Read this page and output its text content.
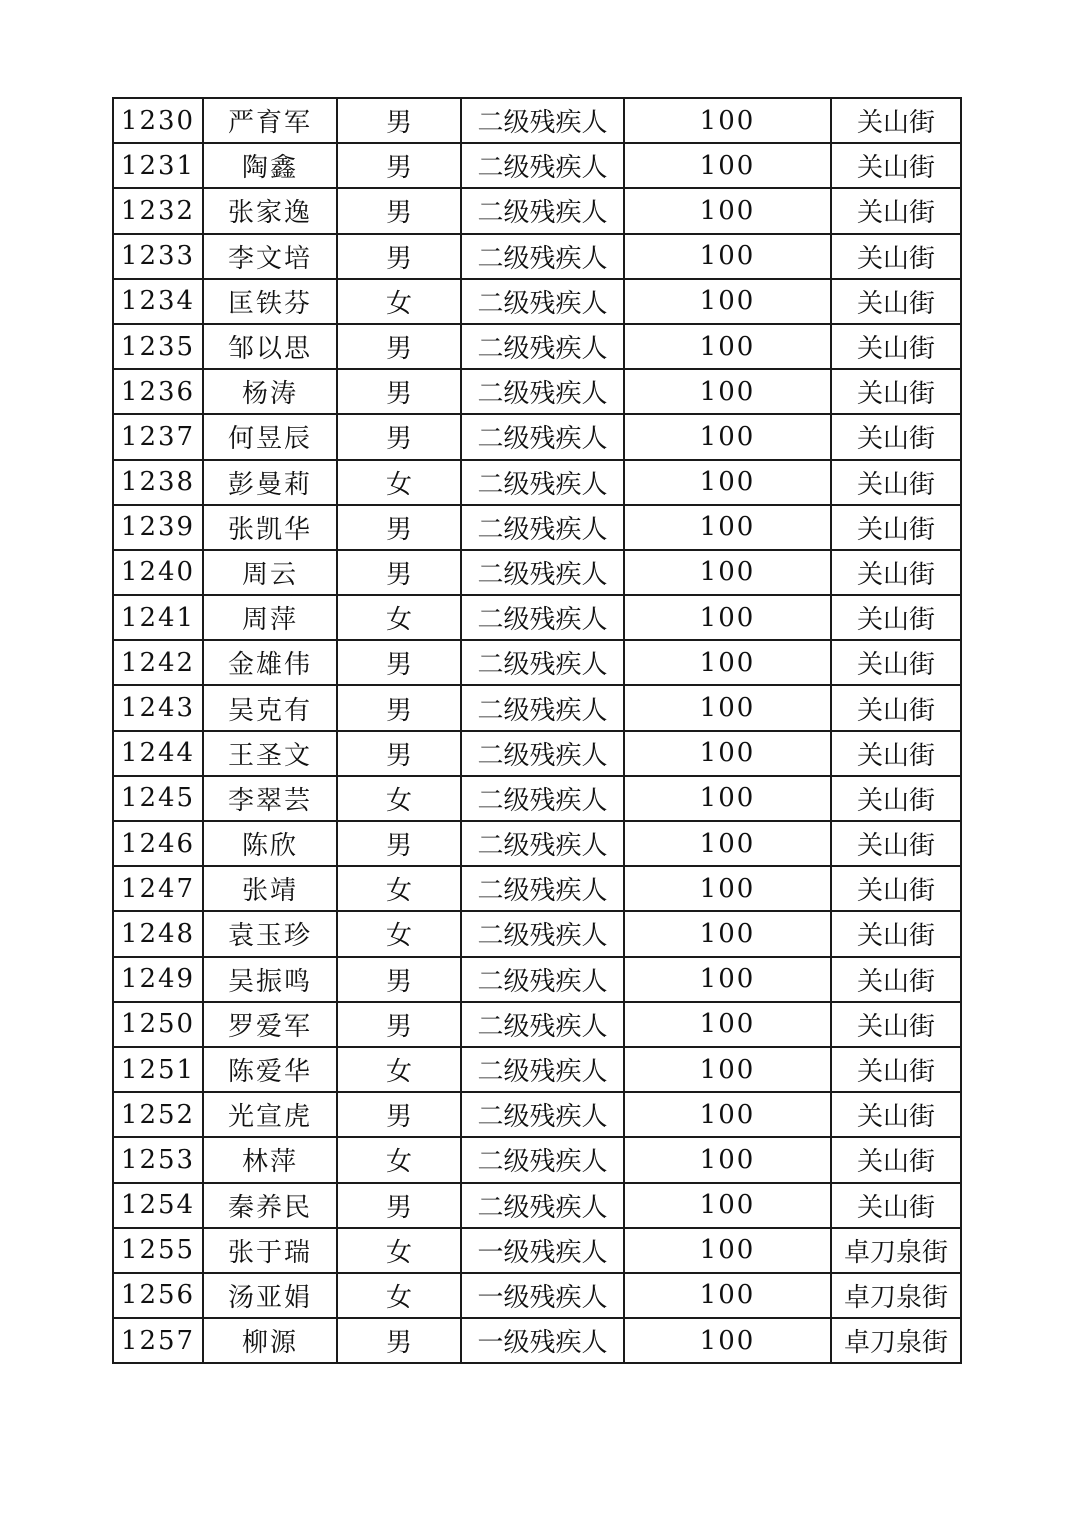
1230	严育军	男	二级残疾人	100	关山街
1231	陶鑫	男	二级残疾人	100	关山街
1232	张家逸	男	二级残疾人	100	关山街
1233	李文培	男	二级残疾人	100	关山街
1234	匡铁芬	女	二级残疾人	100	关山街
1235	邹以思	男	二级残疾人	100	关山街
1236	杨涛	男	二级残疾人	100	关山街
1237	何昱辰	男	二级残疾人	100	关山街
1238	彭曼莉	女	二级残疾人	100	关山街
1239	张凯华	男	二级残疾人	100	关山街
1240	周云	男	二级残疾人	100	关山街
1241	周萍	女	二级残疾人	100	关山街
1242	金雄伟	男	二级残疾人	100	关山街
1243	吴克有	男	二级残疾人	100	关山街
1244	王圣文	男	二级残疾人	100	关山街
1245	李翠芸	女	二级残疾人	100	关山街
1246	陈欣	男	二级残疾人	100	关山街
1247	张靖	女	二级残疾人	100	关山街
1248	袁玉珍	女	二级残疾人	100	关山街
1249	吴振鸣	男	二级残疾人	100	关山街
1250	罗爱军	男	二级残疾人	100	关山街
1251	陈爱华	女	二级残疾人	100	关山街
1252	光宣虎	男	二级残疾人	100	关山街
1253	林萍	女	二级残疾人	100	关山街
1254	秦养民	男	二级残疾人	100	关山街
1255	张于瑞	女	一级残疾人	100	卓刀泉街
1256	汤亚娟	女	一级残疾人	100	卓刀泉街
1257	柳源	男	一级残疾人	100	卓刀泉街
